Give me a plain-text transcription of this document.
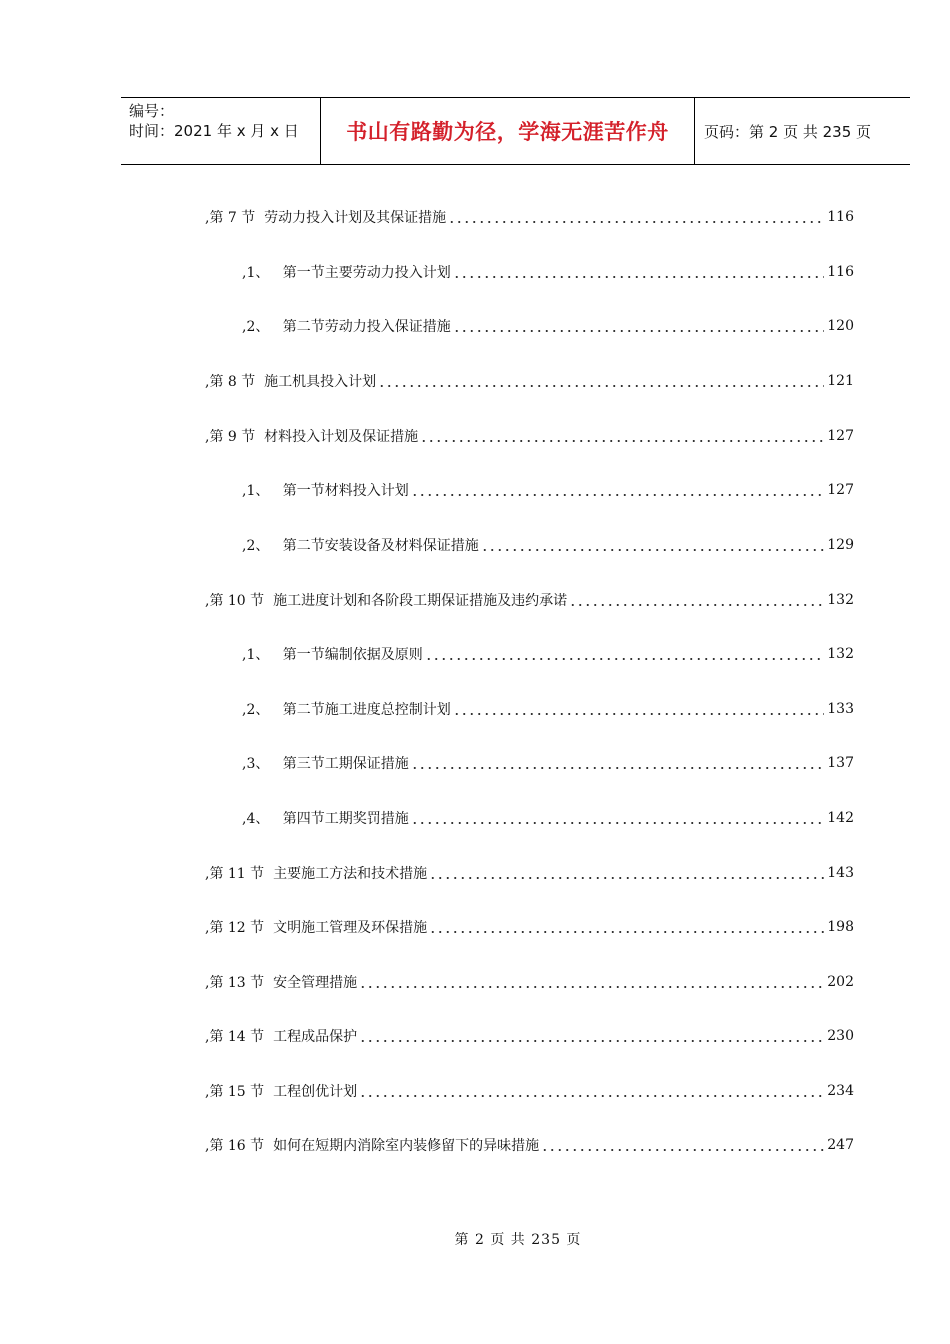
编号：
时间：2021 年 x 月 x 日 书山有路勤为径，学海无涯苦作舟 页码：第 2 页 共 235 页
,第 7 节  劳动力投入计划及其保证措施	116
,1、   第一节主要劳动力投入计划	116
,2、   第二节劳动力投入保证措施	120
,第 8 节  施工机具投入计划	121
,第 9 节  材料投入计划及保证措施	127
,1、   第一节材料投入计划	127
,2、   第二节安装设备及材料保证措施	129
,第 10 节  施工进度计划和各阶段工期保证措施及违约承诺	132
,1、   第一节编制依据及原则	132
,2、   第二节施工进度总控制计划	133
,3、   第三节工期保证措施	137
,4、   第四节工期奖罚措施	142
,第 11 节  主要施工方法和技术措施	143
,第 12 节  文明施工管理及环保措施	198
,第 13 节  安全管理措施	202
,第 14 节  工程成品保护	230
,第 15 节  工程创优计划	234
,第 16 节  如何在短期内消除室内装修留下的异味措施	247
第 2 页 共 235 页
